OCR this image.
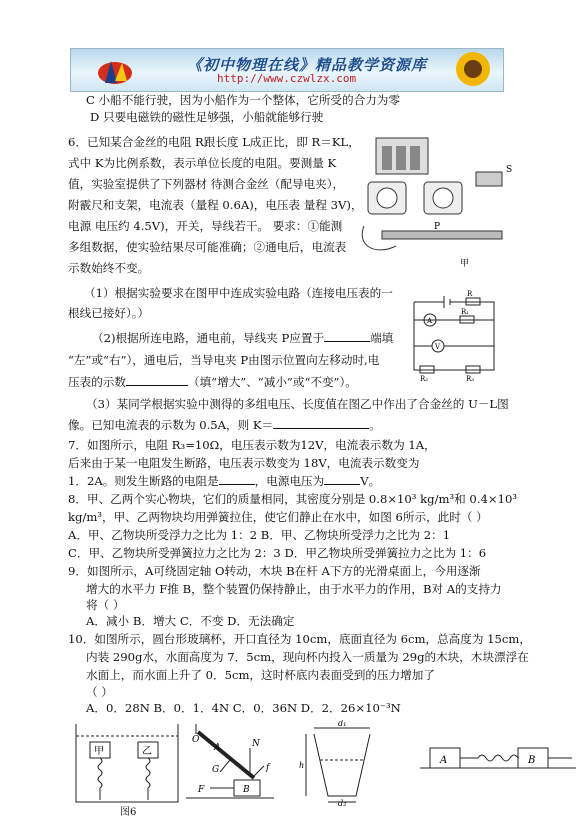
《初中物理在线》精品教学资源库
http://www.czwlzx.com
C 小船不能行驶，因为小船作为一个整体，它所受的合力为零
D 只要电磁铁的磁性足够强，小船就能够行驶
6．已知某合金丝的电阻 R跟长度 L成正比，即 R＝KL，
式中 K为比例系数，表示单位长度的电阻。要测量 K
值，实验室提供了下列器材 待测合金丝（配导电夹），
附霰尺和支架，电流表（量程 0.6A)，电压表 量程 3V)，
电源 电压约 4.5V)，开关，导线若干。 要求：①能测
多组数据，使实验结果尽可能准确；②通电后，电流表
示数始终不变。
（1）根据实验要求在图甲中连成实验电路（连接电压表的一
根线已接好）。）
（2)根据所连电路，通电前，导线夹 P应置于	端填
“左”或“右”），通电后，当导电夹 P由图示位置向左移动时,电
压表的示数	（填“增大”、“减小”或“不变”）。
（3）某同学根据实验中测得的多组电压、长度值在图乙中作出了合金丝的 U－L图
像。已知电流表的示数为 0.5A，则 K＝	。
7．如图所示，电阻 R₃=10Ω，电压表示数为12V，电流表示数为 1A，
后来由于某一电阻发生断路，电压表示数变为 18V，电流表示数变为
1．2A。则发生断路的电阻是	，电源电压为	V。
8．甲、乙两个实心物块，它们的质量相同，其密度分别是 0.8×10³ kg/m³和 0.4×10³
kg/m³，甲、乙两物块均用弹簧拉住，使它们静止在水中，如图 6所示，此时（ ）
A．甲、乙物块所受浮力之比为 1：2 B．甲、乙物块所受浮力之比为 2：1
C．甲、乙物块所受弹簧拉力之比为 2：3 D．甲乙物块所受弹簧拉力之比为 1：6
9．如图所示，A可绕固定轴 O转动，木块 B在杆 A下方的光滑桌面上，今用逐渐
增大的水平力 F推 B，整个装置仍保持静止，由于水平力的作用，B对 A的支持力
将（ ）
A．减小 B．增大 C．不变 D．无法确定
10．如图所示，圆台形玻璃杯，开口直径为 10cm，底面直径为 6cm，总高度为 15cm，
内装 290g水，水面高度为 7．5cm，现向杯内投入一质量为 29g的木块，木块漂浮在
水面上，而水面上升了 0．5cm，这时杯底内表面受到的压力增加了
（ ）
A．0．28N B．0．1．4N C．0．36N D．2．26×10⁻³N
S
P
甲
R
A
R₁
V
R₂	R₃
甲	乙
图6
O
A
G
N
f
F	B
d₁
h
d₂
A	B
